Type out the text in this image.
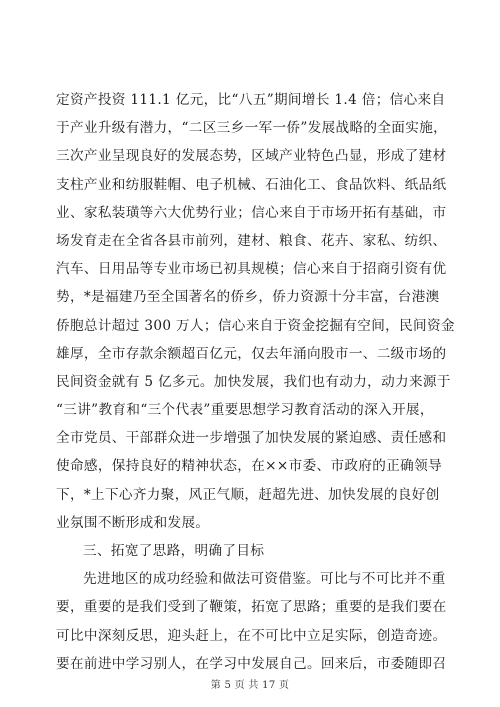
定资产投资 111.1 亿元，比“八五”期间增长 1.4 倍；信心来自
于产业升级有潜力，“二区三乡一军一侨”发展战略的全面实施，
三次产业呈现良好的发展态势，区域产业特色凸显，形成了建材
支柱产业和纺服鞋帽、电子机械、石油化工、食品饮料、纸品纸
业、家私装璜等六大优势行业；信心来自于市场开拓有基础，市
场发育走在全省各县市前列，建材、粮食、花卉、家私、纺织、
汽车、日用品等专业市场已初具规模；信心来自于招商引资有优
势，*是福建乃至全国著名的侨乡，侨力资源十分丰富，台港澳
侨胞总计超过 300 万人；信心来自于资金挖掘有空间，民间资金
雄厚，全市存款余额超百亿元，仅去年涌向股市一、二级市场的
民间资金就有 5 亿多元。加快发展，我们也有动力，动力来源于
“三讲”教育和“三个代表”重要思想学习教育活动的深入开展，
全市党员、干部群众进一步增强了加快发展的紧迫感、责任感和
使命感，保持良好的精神状态，在××市委、市政府的正确领导
下，*上下心齐力聚，风正气顺，赶超先进、加快发展的良好创
业氛围不断形成和发展。
三、拓宽了思路，明确了目标
先进地区的成功经验和做法可资借鉴。可比与不可比并不重
要，重要的是我们受到了鞭策，拓宽了思路；重要的是我们要在
可比中深刻反思，迎头赶上，在不可比中立足实际，创造奇迹。
要在前进中学习别人，在学习中发展自己。回来后，市委随即召
第 5 页 共 17 页
